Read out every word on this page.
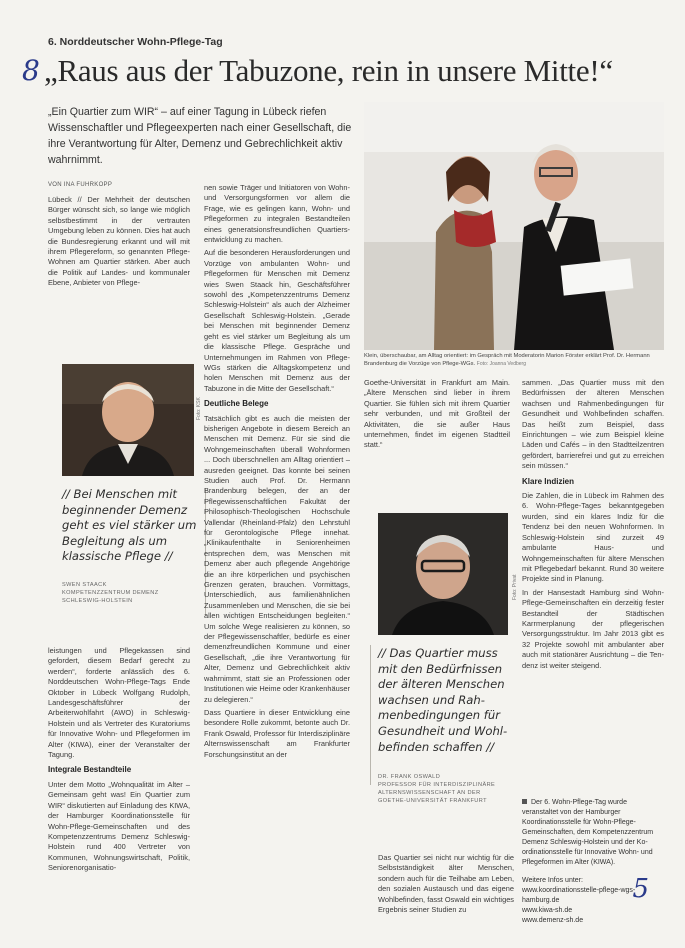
6. Norddeutscher Wohn-Pflege-Tag
8 „Raus aus der Tabuzone, rein in unsere Mitte!“
„Ein Quartier zum WIR“ – auf einer Tagung in Lübeck riefen Wissenschaftler und Pflegeexperten nach einer Gesellschaft, die ihre Verantwortung für Alter, Demenz und Gebrechlichkeit aktiv wahrnimmt.
VON INA FUHRKOPP

Lübeck // Der Mehrheit der deutschen Bürger wünscht sich, so lange wie möglich selbstbestimmt in der vertrauten Umgebung leben zu können. Dies hat auch die Bundesregierung erkannt und will mit ihrem Pflegereform, so genannten Pflege-Wohnen am Quartier stärken. Aber auch die Politik auf Landes- und kommunaler Ebene, Anbieter von Pflege-

Foto: KSK
// Bei Menschen mit beginnender Demenz geht es viel stärker um Begleitung als um klassische Pflege //
SWEN STAACK
KOMPETENZZENTRUM DEMENZ
SCHLESWIG-HOLSTEIN

leistungen und Pflegekassen sind gefordert, diesem Bedarf gerecht zu werden“, forderte anlässlich des 6. Norddeutschen Wohn-Pflege-Tags Ende Oktober in Lübeck Wolfgang Rudolph, Landesgeschäftsführer der Arbeiterwohlfahrt (AWO) in Schleswig-Holstein und als Vertreter des Kuratoriums für Innovative Wohn- und Pflegeformen im Alter (KIWA), einer der Veranstalter der Tagung.

Integrale Bestandteile

Unter dem Motto „Wohnqualität im Alter – Gemeinsam geht was! Ein Quartier zum WIR“ diskutierten auf Einladung des KIWA, der Hamburger Koordinationsstelle für Wohn-Pflege-Gemeinschaften und des Kompetenzzentrums Demenz Schleswig-Holstein rund 400 Vertreter von Kommunen, Wohnungswirtschaft, Politik, Seniorenorganisatio-

nen sowie Träger und Initiatoren von Wohn- und Versorgungsformen vor allem die Frage, wie es gelingen kann, Wohn- und Pflegeformen zu integralen Bestandteilen eines generatsionsfreundlichen Quartiersentwicklung zu machen.

Auf die besonderen Herausforderungen und Vorzüge von ambulanten Wohn- und Pflegeformen für Menschen mit Demenz wies Swen Staack hin, Geschäftsführer sowohl des „Kompetenzzentrums Demenz Schleswig-Holstein“ als auch der Alzheimer Gesellschaft Schleswig-Holstein. „Gerade bei Menschen mit beginnender Demenz geht es viel stärker um Begleitung als um die klassische Pflege. Gespräche und Unternehmungen im Rahmen von Pflege-WGs stärken die Alltagskompetenz und holen Menschen mit Demenz aus der Tabuzone in die Mitte der Gesellschaft.“

Deutliche Belege

Tatsächlich gibt es auch die meisten der bisherigen Angebote in diesem Bereich an Menschen mit Demenz. Für sie sind die Wohngemeinschaften überall Wohnformen ... Doch überschnellen am Alltag orientiert – ausreden geeignet. Das konnte bei seinen Studien auch Prof. Dr. Hermann Brandenburg belegen, der an der Pflegewissenschaftlichen Fakultät der Philosophisch-Theologischen Hochschule Vallendar (Rheinland-Pfalz) den Lehrstuhl für Gerontologische Pflege innehat. „Klinikaufenthalte in Seniorenheimen entsprechen dem, was Menschen mit Demenz aber auch pflegende Angehörige die an ihre körperlichen und psychischen Grenzen geraten, brauchen. Vormittags, Unterschiedlich, aus familienähnlichen Zusammenleben und Menschen, die sie bei allen wichtigen Entscheidungen begleiten.“ Um solche Wege realisieren zu können, so der Pflegewissenschaftler, bedürfe es einer demenzfreundlichen Kommune und einer Gesellschaft, „die ihre Verantwortung für Alter, Demenz und Gebrechlichkeit aktiv wahrnimmt, statt sie an Professionen oder Institutionen wie Heime oder Krankenhäuser zu delegieren.“

Dass Quartiere in dieser Entwicklung eine besondere Rolle zukommt, betonte auch Dr. Frank Oswald, Professor für Interdisziplinäre Alternswissenschaft am Frankfurter Forschungsinstitut an der

Klein, überschaubar, am Alltag orientiert: im Gespräch mit Moderatorin Marion Förster erklärt Prof. Dr. Hermann Brandenburg die Vorzüge von Pflege-WGs. Foto: Joanna Vedberg

Goethe-Universität in Frankfurt am Main. „Ältere Menschen sind lieber in ihrem Quartier. Sie fühlen sich mit ihrem Quartier sehr verbunden, und mit Großteil der Aktivitäten, die sie außer Haus unternehmen, findet im eigenen Stadtteil statt.“

Foto: Privat
// Das Quartier muss mit den Bedürfnissen der älteren Menschen wachsen und Rahmenbedingungen für Gesundheit und Wohlbefinden schaffen //
DR. FRANK OSWALD
PROFESSOR FÜR INTERDISZIPLINÄRE
ALTERNSWISSENSCHAFT AN DER
GOETHE-UNIVERSITÄT FRANKFURT

Das Quartier sei nicht nur wichtig für die Selbstständigkeit älter Menschen, sondern auch für die Teilhabe am Leben, den sozialen Austausch und das eigene Wohlbefinden, fasst Oswald ein wichtiges Ergebnis seiner Studien zu

sammen. „Das Quartier muss mit den Bedürfnissen der älteren Menschen wachsen und Rahmenbedingungen für Gesundheit und Wohlbefinden schaffen. Das heißt zum Beispiel, dass Einrichtungen – wie zum Beispiel kleine Läden und Cafés – in den Stadtteilzentren gefördert, barrierefrei und gut zu erreichen sein müssen.“

Klare Indizien

Die Zahlen, die in Lübeck im Rahmen des 6. Wohn-Pflege-Tages bekanntgegeben wurden, sind ein klares Indiz für die Tendenz bei den neuen Wohnformen. In Schleswig-Holstein sind zurzeit 49 ambulante Haus- und Wohngemeinschaften für ältere Menschen mit Pflegebedarf bekannt. Rund 30 weitere Projekte sind in Planung.

In der Hansestadt Hamburg sind Wohn-Pflege-Gemeinschaften ein derzeitig fester Bestandteil der Städtischen Karrmerplanung der pflegerischen Versorgungsstruktur. Im Jahr 2013 gibt es 32 Projekte sowohl mit ambulanter aber auch mit stationärer Ausrichtung – die Tendenz ist weiter steigend.

Der 6. Wohn-Pflege-Tag wurde veranstaltet von der Hamburger Koordinationsstelle für Wohn-Pflege-Gemeinschaften, dem Kompetenzzentrum Demenz Schleswig-Holstein und der Koordinationsstelle für Innovative Wohn- und Pflegeformen im Alter (KIWA).
Weitere Infos unter:
www.koordinationsstelle-pflege-wgs-hamburg.de
www.kiwa-sh.de
www.demenz-sh.de
5
